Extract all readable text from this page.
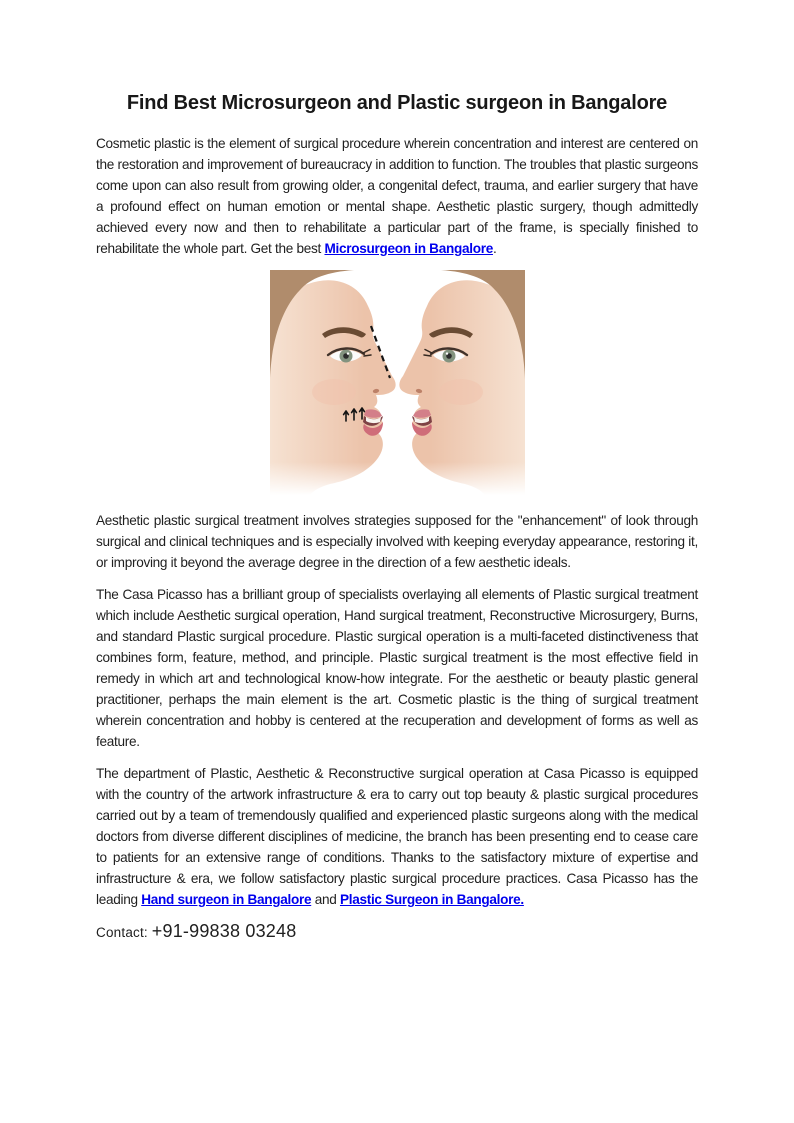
Find Best Microsurgeon and Plastic surgeon in Bangalore

Cosmetic plastic is the element of surgical procedure wherein concentration and interest are centered on the restoration and improvement of bureaucracy in addition to function. The troubles that plastic surgeons come upon can also result from growing older, a congenital defect, trauma, and earlier surgery that have a profound effect on human emotion or mental shape. Aesthetic plastic surgery, though admittedly achieved every now and then to rehabilitate a particular part of the frame, is specially finished to rehabilitate the whole part. Get the best Microsurgeon in Bangalore.

Aesthetic plastic surgical treatment involves strategies supposed for the "enhancement" of look through surgical and clinical techniques and is especially involved with keeping everyday appearance, restoring it, or improving it beyond the average degree in the direction of a few aesthetic ideals.

The Casa Picasso has a brilliant group of specialists overlaying all elements of Plastic surgical treatment which include Aesthetic surgical operation, Hand surgical treatment, Reconstructive Microsurgery, Burns, and standard Plastic surgical procedure. Plastic surgical operation is a multi-faceted distinctiveness that combines form, feature, method, and principle. Plastic surgical treatment is the most effective field in remedy in which art and technological know-how integrate. For the aesthetic or beauty plastic general practitioner, perhaps the main element is the art. Cosmetic plastic is the thing of surgical treatment wherein concentration and hobby is centered at the recuperation and development of forms as well as feature.

The department of Plastic, Aesthetic & Reconstructive surgical operation at Casa Picasso is equipped with the country of the artwork infrastructure & era to carry out top beauty & plastic surgical procedures carried out by a team of tremendously qualified and experienced plastic surgeons along with the medical doctors from diverse different disciplines of medicine, the branch has been presenting end to cease care to patients for an extensive range of conditions. Thanks to the satisfactory mixture of expertise and infrastructure & era, we follow satisfactory plastic surgical procedure practices. Casa Picasso has the leading Hand surgeon in Bangalore and Plastic Surgeon in Bangalore.

Contact: +91-99838 03248
